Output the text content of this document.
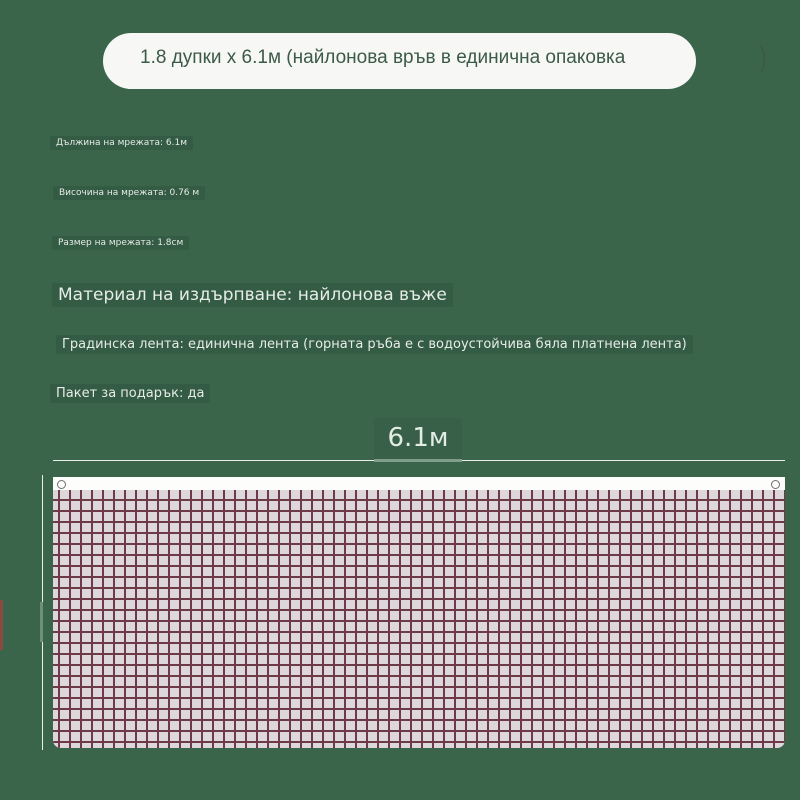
1.8 дупки x 6.1м (найлонова връв в единична опаковка	)
Дължина на мрежата: 6.1м
Височина на мрежата: 0.76 м
Размер на мрежата: 1.8см
Материал на издърпване: найлонова въже
Градинска лента: единична лента (горната ръба е с водоустойчива бяла платнена лента)
Пакет за подарък: да
6.1м
